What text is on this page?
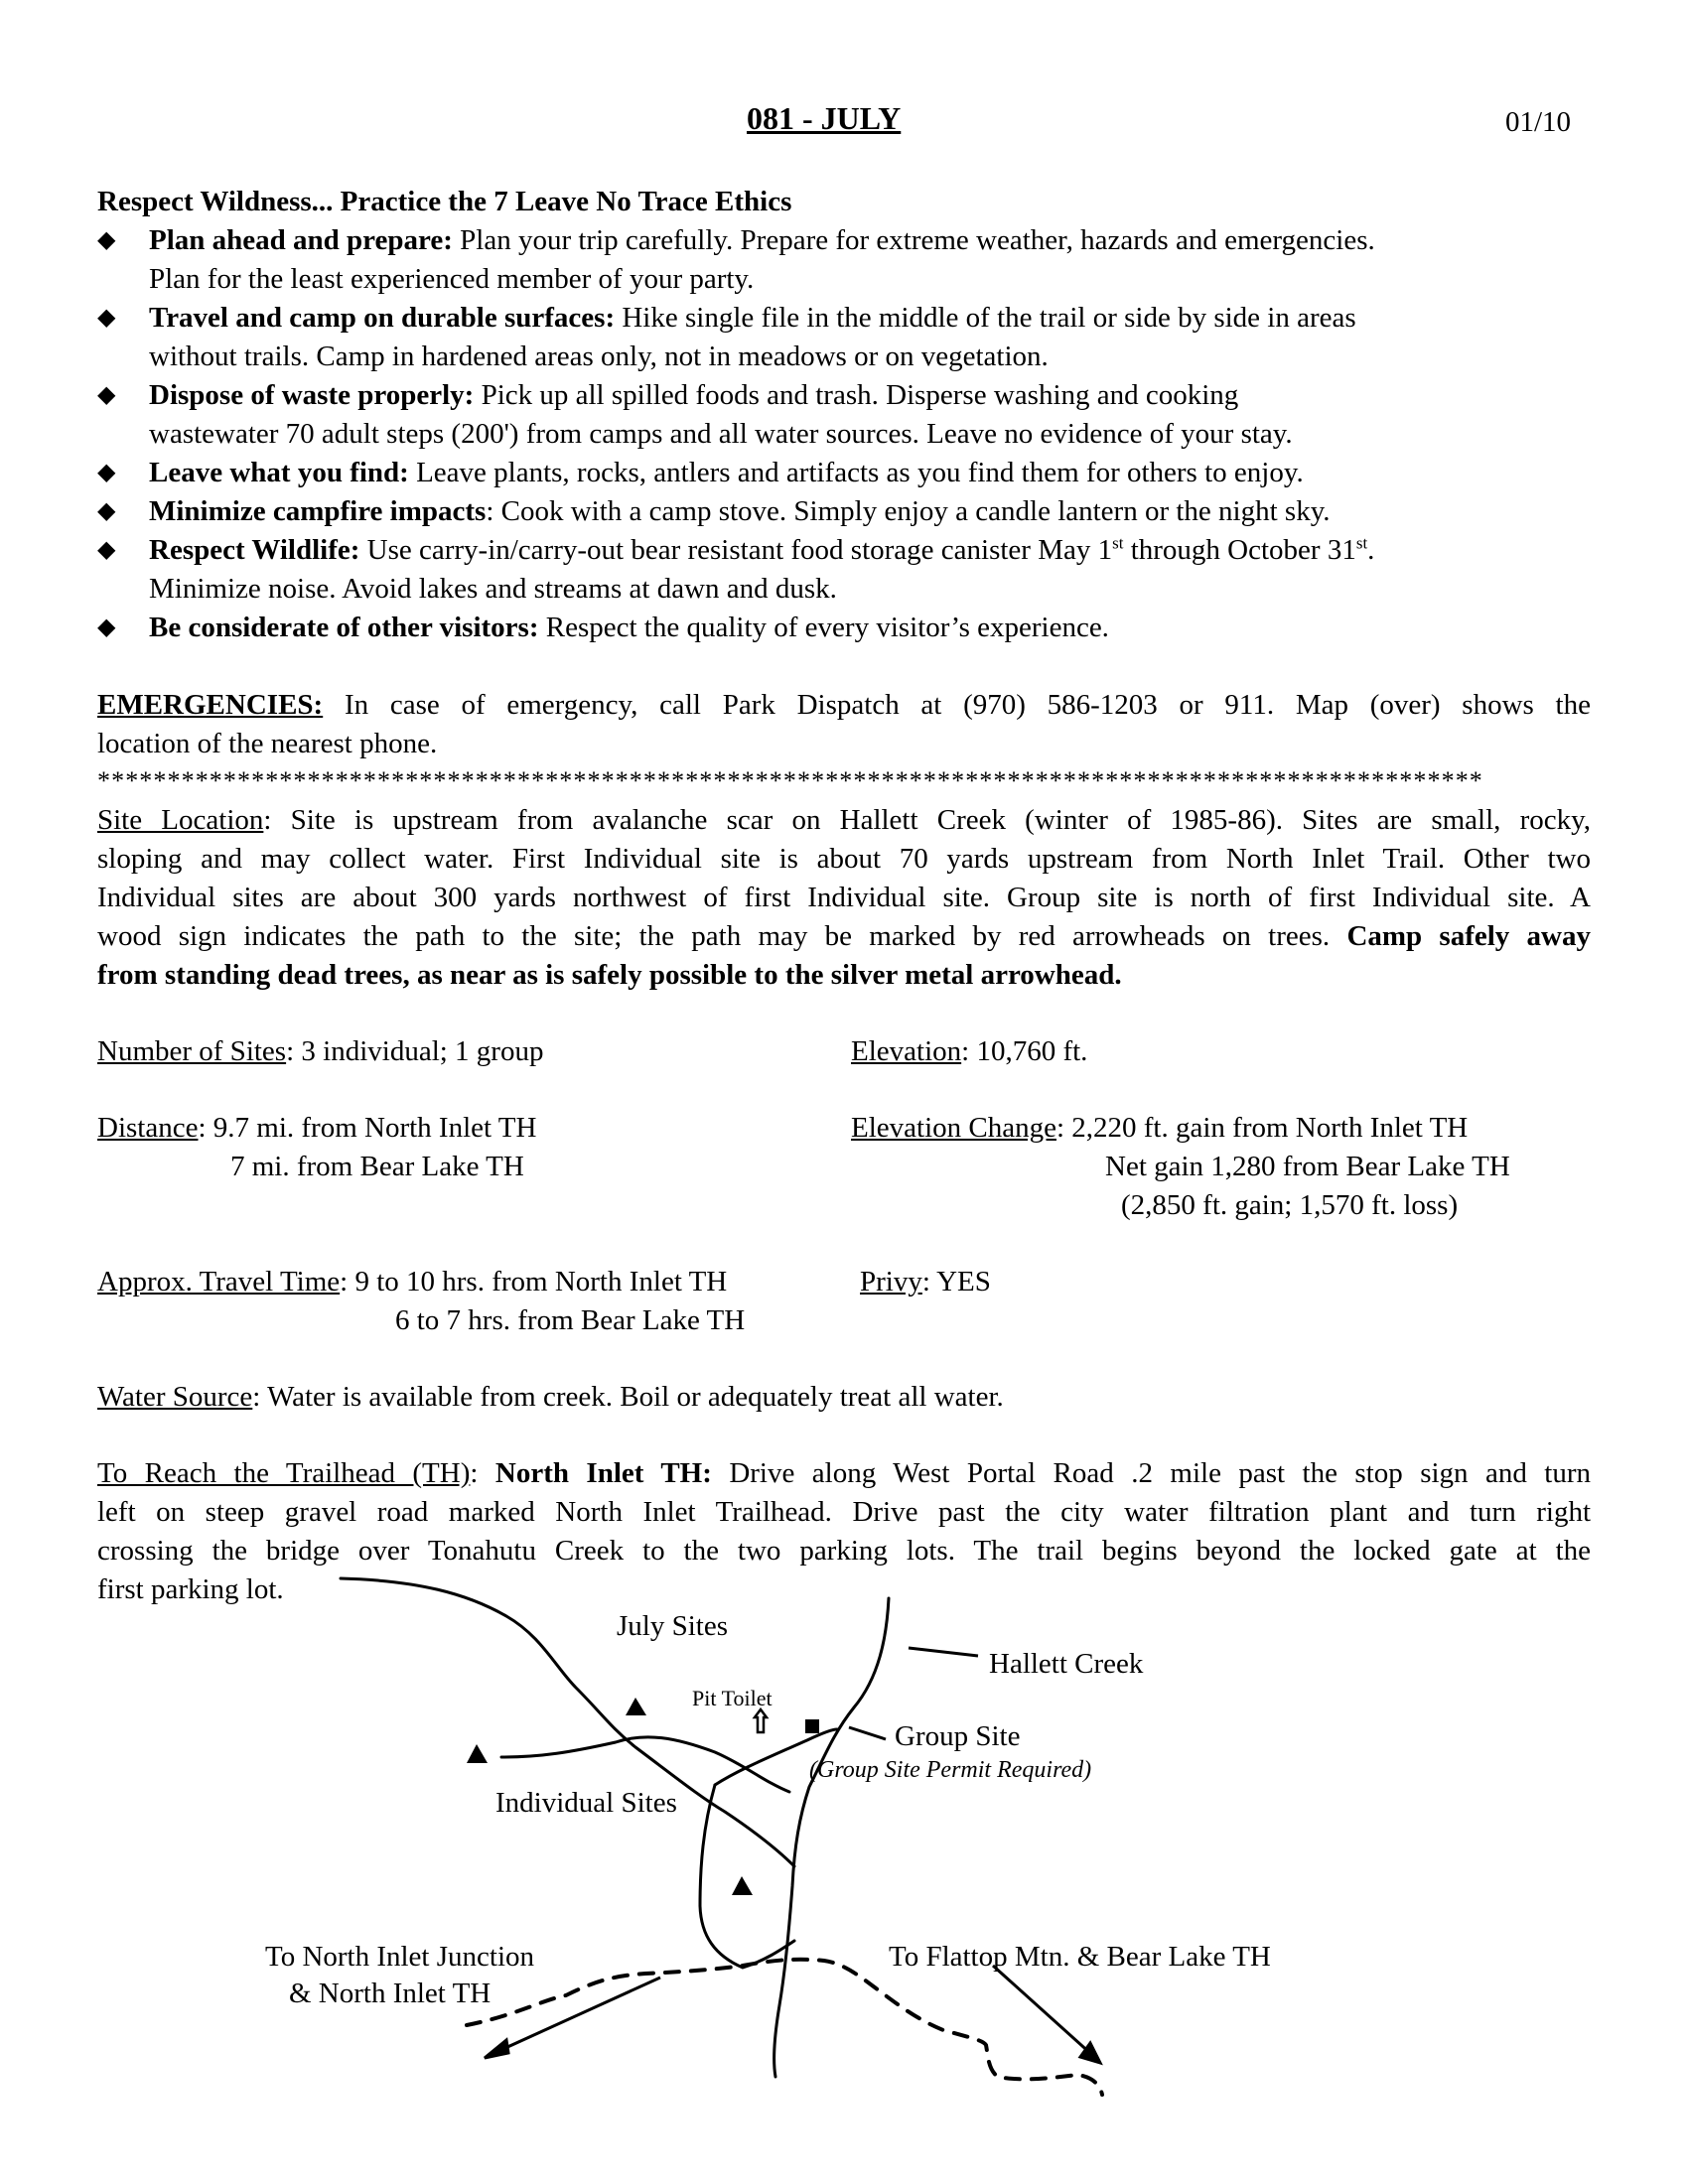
081 - JULY	01/10
Respect Wildness... Practice the 7 Leave No Trace Ethics
◆ Plan ahead and prepare: Plan your trip carefully. Prepare for extreme weather, hazards and emergencies.
Plan for the least experienced member of your party.
◆ Travel and camp on durable surfaces: Hike single file in the middle of the trail or side by side in areas
without trails. Camp in hardened areas only, not in meadows or on vegetation.
◆ Dispose of waste properly: Pick up all spilled foods and trash. Disperse washing and cooking
wastewater 70 adult steps (200') from camps and all water sources. Leave no evidence of your stay.
◆ Leave what you find: Leave plants, rocks, antlers and artifacts as you find them for others to enjoy.
◆ Minimize campfire impacts: Cook with a camp stove. Simply enjoy a candle lantern or the night sky.
◆ Respect Wildlife: Use carry-in/carry-out bear resistant food storage canister May 1st through October 31st.
Minimize noise. Avoid lakes and streams at dawn and dusk.
◆ Be considerate of other visitors: Respect the quality of every visitor’s experience.
EMERGENCIES: In case of emergency, call Park Dispatch at (970) 586-1203 or 911. Map (over) shows the
location of the nearest phone.
***************************************************************************************************
Site Location: Site is upstream from avalanche scar on Hallett Creek (winter of 1985-86). Sites are small, rocky,
sloping and may collect water. First Individual site is about 70 yards upstream from North Inlet Trail. Other two
Individual sites are about 300 yards northwest of first Individual site. Group site is north of first Individual site. A
wood sign indicates the path to the site; the path may be marked by red arrowheads on trees. Camp safely away
from standing dead trees, as near as is safely possible to the silver metal arrowhead.
Number of Sites: 3 individual; 1 group	Elevation: 10,760 ft.
Distance: 9.7 mi. from North Inlet TH
7 mi. from Bear Lake TH
Elevation Change: 2,220 ft. gain from North Inlet TH
Net gain 1,280 from Bear Lake TH
(2,850 ft. gain; 1,570 ft. loss)
Approx. Travel Time: 9 to 10 hrs. from North Inlet TH
6 to 7 hrs. from Bear Lake TH
Privy: YES
Water Source: Water is available from creek. Boil or adequately treat all water.
To Reach the Trailhead (TH): North Inlet TH: Drive along West Portal Road .2 mile past the stop sign and turn
left on steep gravel road marked North Inlet Trailhead. Drive past the city water filtration plant and turn right
crossing the bridge over Tonahutu Creek to the two parking lots. The trail begins beyond the locked gate at the
first parking lot.
July Sites
Hallett Creek
Pit Toilet
Group Site
(Group Site Permit Required)
Individual Sites
To North Inlet Junction
& North Inlet TH
To Flattop Mtn. & Bear Lake TH
